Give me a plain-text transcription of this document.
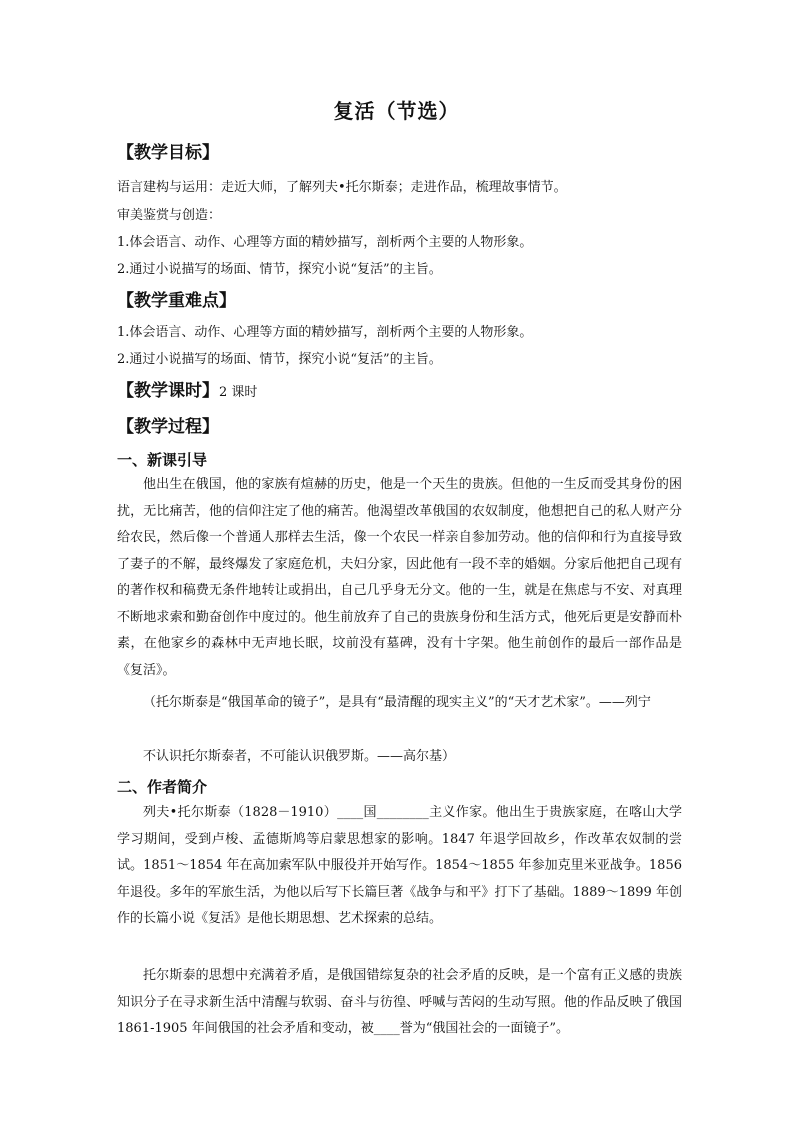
复活（节选）
【教学目标】
语言建构与运用：走近大师，了解列夫•托尔斯泰；走进作品，梳理故事情节。
审美鉴赏与创造：
1.体会语言、动作、心理等方面的精妙描写，剖析两个主要的人物形象。
2.通过小说描写的场面、情节，探究小说“复活”的主旨。
【教学重难点】
1.体会语言、动作、心理等方面的精妙描写，剖析两个主要的人物形象。
2.通过小说描写的场面、情节，探究小说“复活”的主旨。
【教学课时】2 课时
【教学过程】
一、新课引导

他出生在俄国，他的家族有煊赫的历史，他是一个天生的贵族。但他的一生反而受其身份的困扰，无比痛苦，他的信仰注定了他的痛苦。他渴望改革俄国的农奴制度，他想把自己的私人财产分给农民，然后像一个普通人那样去生活，像一个农民一样亲自参加劳动。他的信仰和行为直接导致了妻子的不解，最终爆发了家庭危机，夫妇分家，因此他有一段不幸的婚姻。分家后他把自己现有的著作权和稿费无条件地转让或捐出，自己几乎身无分文。他的一生，就是在焦虑与不安、对真理不断地求索和勤奋创作中度过的。他生前放弃了自己的贵族身份和生活方式，他死后更是安静而朴素，在他家乡的森林中无声地长眠，坟前没有墓碑，没有十字架。他生前创作的最后一部作品是《复活》。

（托尔斯泰是“俄国革命的镜子”，是具有“最清醒的现实主义”的“天才艺术家”。——列宁

不认识托尔斯泰者，不可能认识俄罗斯。——高尔基）

二、作者简介

列夫•托尔斯泰（1828－1910）____国________主义作家。他出生于贵族家庭，在喀山大学学习期间，受到卢梭、孟德斯鸠等启蒙思想家的影响。1847 年退学回故乡，作改革农奴制的尝试。1851～1854 年在高加索军队中服役并开始写作。1854～1855 年参加克里米亚战争。1856 年退役。多年的军旅生活，为他以后写下长篇巨著《战争与和平》打下了基础。1889～1899 年创作的长篇小说《复活》是他长期思想、艺术探索的总结。

托尔斯泰的思想中充满着矛盾，是俄国错综复杂的社会矛盾的反映，是一个富有正义感的贵族知识分子在寻求新生活中清醒与软弱、奋斗与彷徨、呼喊与苦闷的生动写照。他的作品反映了俄国 1861-1905 年间俄国的社会矛盾和变动，被____誉为“俄国社会的一面镜子”。
